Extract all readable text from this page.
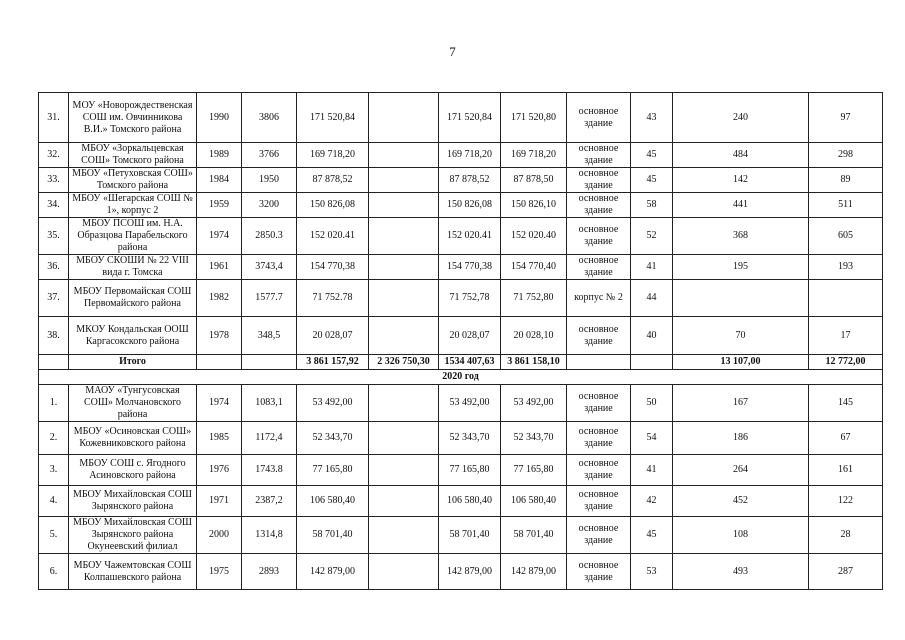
7
31.	МОУ «Новорождественская СОШ им. Овчинникова В.И.» Томского района	1990	3806	171 520,84		171 520,84	171 520,80	основное здание	43	240	97
32.	МБОУ «Зоркальцевская СОШ» Томского района	1989	3766	169 718,20		169 718,20	169 718,20	основное здание	45	484	298
33.	МБОУ «Петуховская СОШ» Томского района	1984	1950	87 878,52		87 878,52	87 878,50	основное здание	45	142	89
34.	МБОУ «Шегарская СОШ № 1», корпус 2	1959	3200	150 826,08		150 826,08	150 826,10	основное здание	58	441	511
35.	МБОУ ПСОШ им. Н.А. Образцова Парабельского района	1974	2850.3	152 020.41		152 020.41	152 020.40	основное здание	52	368	605
36.	МБОУ СКОШИ № 22 VIII вида г. Томска	1961	3743,4	154 770,38		154 770,38	154 770,40	основное здание	41	195	193
37.	МБОУ Первомайская СОШ Первомайского района	1982	1577.7	71 752.78		71 752,78	71 752,80	корпус № 2	44		
38.	МКОУ Кондальская ООШ Каргасокского района	1978	348,5	20 028,07		20 028,07	20 028,10	основное здание	40	70	17
	Итого			3 861 157,92	2 326 750,30	1534 407,63	3 861 158,10			13 107,00	12 772,00
2020 год											
1.	МАОУ «Тунгусовская СОШ» Молчановского района	1974	1083,1	53 492,00		53 492,00	53 492,00	основное здание	50	167	145
2.	МБОУ «Осиновская СОШ» Кожевниковского района	1985	1172,4	52 343,70		52 343,70	52 343,70	основное здание	54	186	67
3.	МБОУ СОШ с. Ягодного Асиновского района	1976	1743.8	77 165,80		77 165,80	77 165,80	основное здание	41	264	161
4.	МБОУ Михайловская СОШ Зырянского района	1971	2387,2	106 580,40		106 580,40	106 580,40	основное здание	42	452	122
5.	МБОУ Михайловская СОШ Зырянского района Окунеевский филиал	2000	1314,8	58 701,40		58 701,40	58 701,40	основное здание	45	108	28
6.	МБОУ Чажемтовская СОШ Колпашевского района	1975	2893	142 879,00		142 879,00	142 879,00	основное здание	53	493	287
